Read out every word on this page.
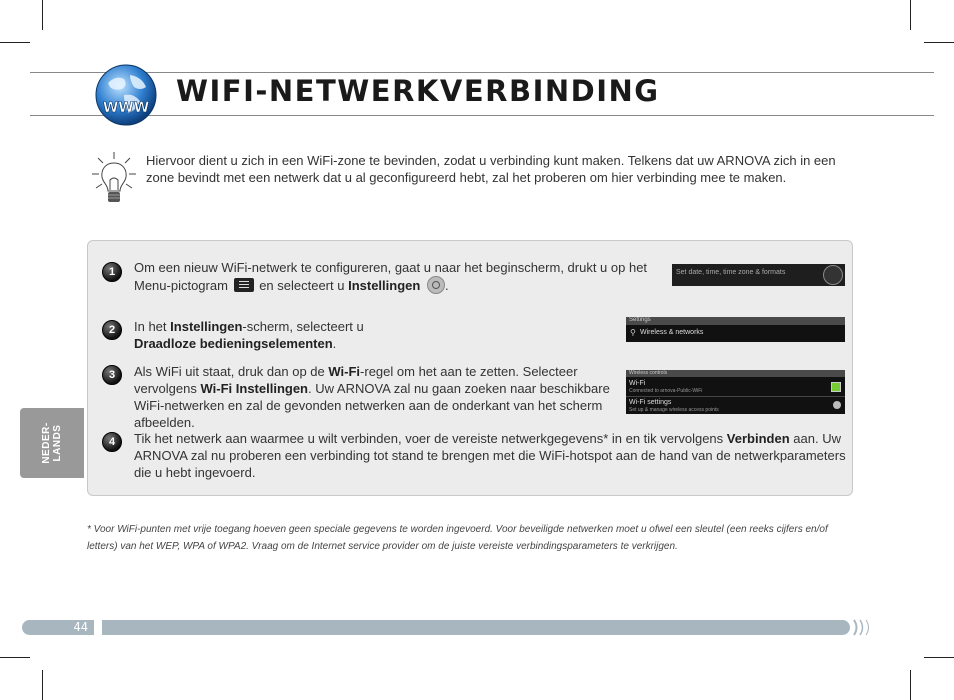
WWW WIFI-NETWERKVERBINDING
Hiervoor dient u zich in een WiFi-zone te bevinden, zodat u verbinding kunt maken. Telkens dat uw ARNOVA zich in een zone bevindt met een netwerk dat u al geconfigureerd hebt, zal het proberen om hier verbinding mee te maken.
1	Om een nieuw WiFi-netwerk te configureren, gaat u naar het beginscherm, drukt u op het Menu-pictogram en selecteert u Instellingen .
Set date, time, time zone & formats
2	In het Instellingen-scherm, selecteert u Draadloze bedieningselementen.
Settings
⚲ Wireless & networks
3	Als WiFi uit staat, druk dan op de Wi-Fi-regel om het aan te zetten. Selecteer vervolgens Wi-Fi Instellingen. Uw ARNOVA zal nu gaan zoeken naar beschikbare WiFi-netwerken en zal de gevonden netwerken aan de onderkant van het scherm afbeelden.
Wireless controls
Wi-Fi
Connected to arnova-Public-WiFi
Wi-Fi settings
Set up & manage wireless access points
4	Tik het netwerk aan waarmee u wilt verbinden, voer de vereiste netwerkgegevens* in en tik vervolgens Verbinden aan. Uw ARNOVA zal nu proberen een verbinding tot stand te brengen met die WiFi-hotspot aan de hand van de netwerkparameters die u hebt ingevoerd.
NEDER-
LANDS
* Voor WiFi-punten met vrije toegang hoeven geen speciale gegevens te worden ingevoerd. Voor beveiligde netwerken moet u ofwel een sleutel (een reeks cijfers en/of letters) van het WEP, WPA of WPA2. Vraag om de Internet service provider om de juiste vereiste verbindingsparameters te verkrijgen.
44
